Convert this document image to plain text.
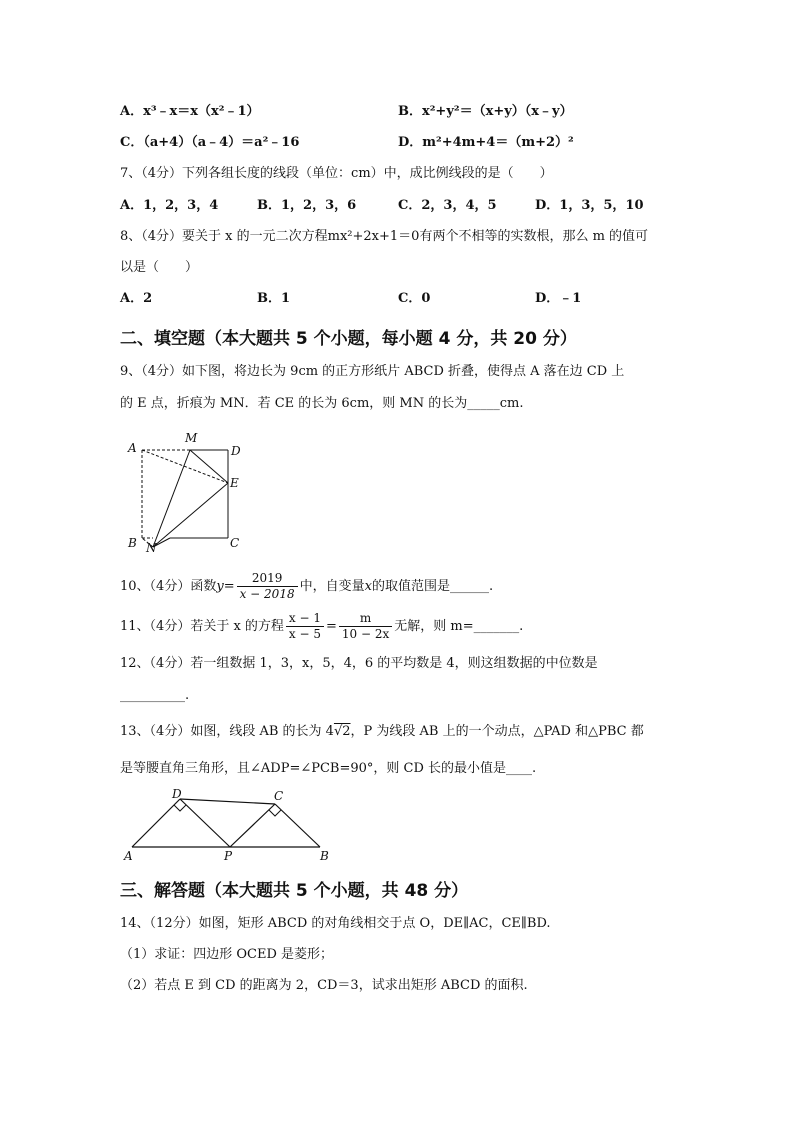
A．x³﹣x＝x（x²﹣1）	B．x²+y²＝（x+y）（x﹣y）
C．（a+4）（a﹣4）＝a²﹣16	D．m²+4m+4＝（m+2）²
7、（4分）下列各组长度的线段（单位：cm）中，成比例线段的是（　　）
A．1，2，3，4	B．1，2，3，6	C．2，3，4，5	D．1，3，5，10
8、（4分）要关于 x 的一元二次方程mx²+2x+1＝0有两个不相等的实数根，那么 m 的值可
以是（　　）
A．2	B．1	C．0	D．﹣1
二、填空题（本大题共 5 个小题，每小题 4 分，共 20 分）
9、（4分）如下图，将边长为 9cm 的正方形纸片 ABCD 折叠，使得点 A 落在边 CD 上
的 E 点，折痕为 MN．若 CE 的长为 6cm，则 MN 的长为_____cm.
A
M
D
E
B N	C
10、（4分）函数$y= \frac{2019}{x - 2018}$ 中，自变量x的取值范围是______.
11、（4分）若关于 x 的方程 $\frac{x - 1}{x - 5} = \frac{m}{10 - 2x}$ 无解，则 m=_______.
12、（4分）若一组数据 1，3，x，5，4，6 的平均数是 4，则这组数据的中位数是
__________.
13、（4分）如图，线段 AB 的长为 4√2，P 为线段 AB 上的一个动点，△PAD 和△PBC 都
是等腰直角三角形，且∠ADP=∠PCB=90°，则 CD 长的最小值是____.
D	C
A	P	B
三、解答题（本大题共 5 个小题，共 48 分）
14、（12分）如图，矩形 ABCD 的对角线相交于点 O，DE∥AC，CE∥BD.
（1）求证：四边形 OCED 是菱形；
（2）若点 E 到 CD 的距离为 2，CD＝3，试求出矩形 ABCD 的面积.
